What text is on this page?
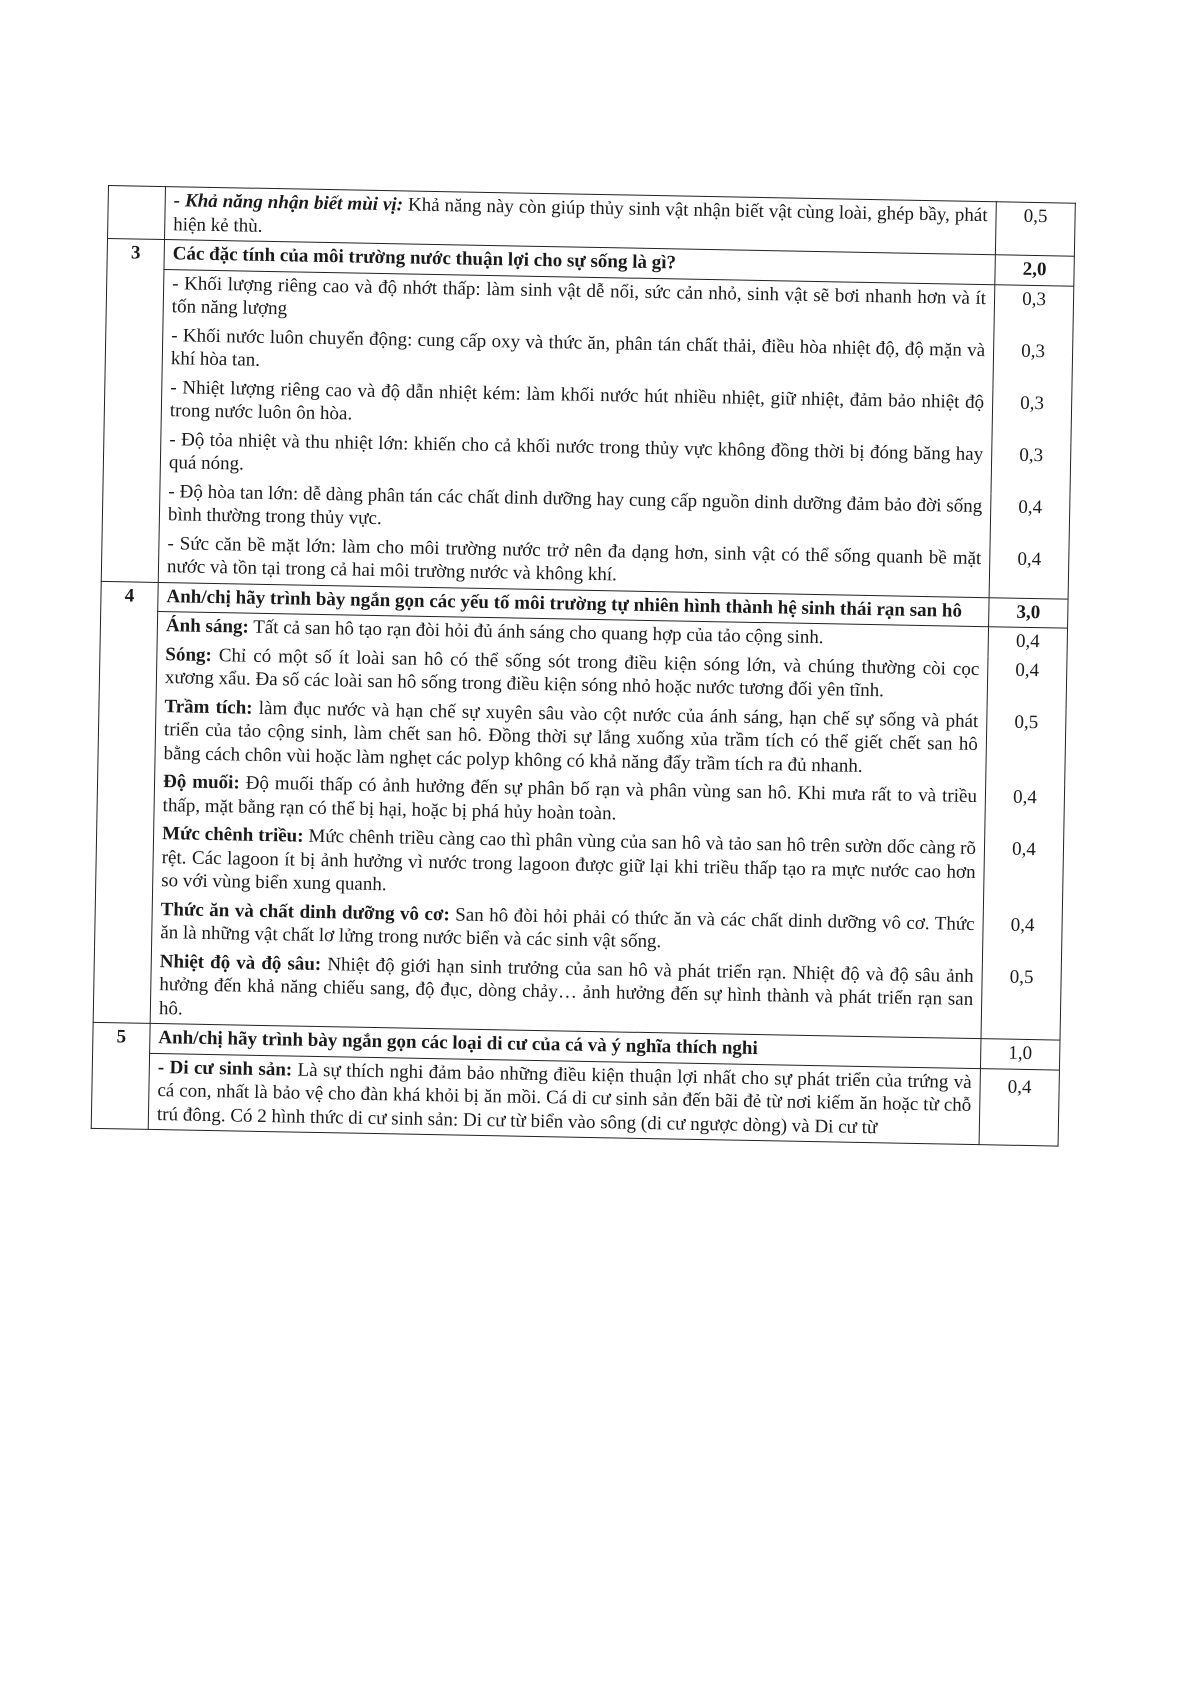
	- Khả năng nhận biết mùi vị: Khả năng này còn giúp thủy sinh vật nhận biết vật cùng loài, ghép bầy, phát hiện kẻ thù.	0,5
3	Các đặc tính của môi trường nước thuận lợi cho sự sống là gì?	2,0
	- Khối lượng riêng cao và độ nhớt thấp: làm sinh vật dễ nổi, sức cản nhỏ, sinh vật sẽ bơi nhanh hơn và ít tốn năng lượng	0,3
	- Khối nước luôn chuyển động: cung cấp oxy và thức ăn, phân tán chất thải, điều hòa nhiệt độ, độ mặn và khí hòa tan.	0,3
	- Nhiệt lượng riêng cao và độ dẫn nhiệt kém: làm khối nước hút nhiều nhiệt, giữ nhiệt, đảm bảo nhiệt độ trong nước luôn ôn hòa.	0,3
	- Độ tỏa nhiệt và thu nhiệt lớn: khiến cho cả khối nước trong thủy vực không đồng thời bị đóng băng hay quá nóng.	0,3
	- Độ hòa tan lớn: dễ dàng phân tán các chất dinh dưỡng hay cung cấp nguồn dinh dưỡng đảm bảo đời sống bình thường trong thủy vực.	0,4
	- Sức căn bề mặt lớn: làm cho môi trường nước trở nên đa dạng hơn, sinh vật có thể sống quanh bề mặt nước và tồn tại trong cả hai môi trường nước và không khí.	0,4
4	Anh/chị hãy trình bày ngắn gọn các yếu tố môi trường tự nhiên hình thành hệ sinh thái rạn san hô	3,0
	Ánh sáng: Tất cả san hô tạo rạn đòi hỏi đủ ánh sáng cho quang hợp của tảo cộng sinh.	0,4
	Sóng: Chỉ có một số ít loài san hô có thể sống sót trong điều kiện sóng lớn, và chúng thường còi cọc xương xẩu. Đa số các loài san hô sống trong điều kiện sóng nhỏ hoặc nước tương đối yên tĩnh.	0,4
	Trầm tích: làm đục nước và hạn chế sự xuyên sâu vào cột nước của ánh sáng, hạn chế sự sống và phát triển của tảo cộng sinh, làm chết san hô. Đồng thời sự lắng xuống xủa trầm tích có thể giết chết san hô bằng cách chôn vùi hoặc làm nghẹt các polyp không có khả năng đẩy trầm tích ra đủ nhanh.	0,5
	Độ muối: Độ muối thấp có ảnh hưởng đến sự phân bố rạn và phân vùng san hô. Khi mưa rất to và triều thấp, mặt bằng rạn có thể bị hại, hoặc bị phá hủy hoàn toàn.	0,4
	Mức chênh triều: Mức chênh triều càng cao thì phân vùng của san hô và tảo san hô trên sườn dốc càng rõ rệt. Các lagoon ít bị ảnh hưởng vì nước trong lagoon được giữ lại khi triều thấp tạo ra mực nước cao hơn so với vùng biển xung quanh.	0,4
	Thức ăn và chất dinh dưỡng vô cơ: San hô đòi hỏi phải có thức ăn và các chất dinh dưỡng vô cơ. Thức ăn là những vật chất lơ lửng trong nước biển và các sinh vật sống.	0,4
	Nhiệt độ và độ sâu: Nhiệt độ giới hạn sinh trưởng của san hô và phát triển rạn. Nhiệt độ và độ sâu ảnh hưởng đến khả năng chiếu sang, độ đục, dòng chảy… ảnh hưởng đến sự hình thành và phát triển rạn san hô.	0,5
5	Anh/chị hãy trình bày ngắn gọn các loại di cư của cá và ý nghĩa thích nghi	1,0
	- Di cư sinh sản: Là sự thích nghi đảm bảo những điều kiện thuận lợi nhất cho sự phát triển của trứng và cá con, nhất là bảo vệ cho đàn khá khỏi bị ăn mồi. Cá di cư sinh sản đến bãi đẻ từ nơi kiếm ăn hoặc từ chỗ trú đông. Có 2 hình thức di cư sinh sản: Di cư từ biển vào sông (di cư ngược dòng) và Di cư từ	0,4
